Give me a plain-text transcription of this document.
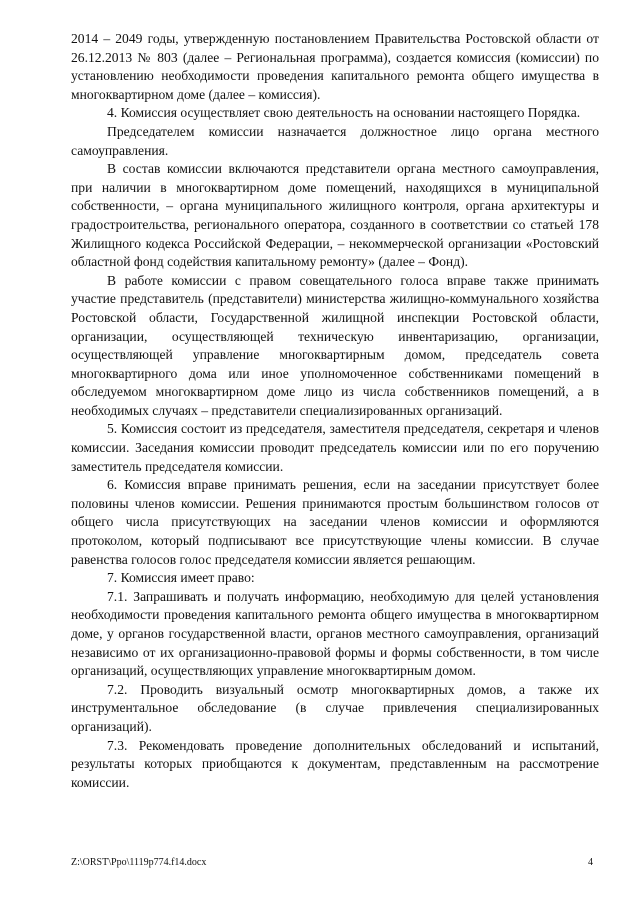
2014 – 2049 годы, утвержденную постановлением Правительства Ростовской области от 26.12.2013 № 803 (далее – Региональная программа), создается комиссия (комиссии) по установлению необходимости проведения капитального ремонта общего имущества в многоквартирном доме (далее – комиссия).

4. Комиссия осуществляет свою деятельность на основании настоящего Порядка.

Председателем комиссии назначается должностное лицо органа местного самоуправления.

В состав комиссии включаются представители органа местного самоуправления, при наличии в многоквартирном доме помещений, находящихся в муниципальной собственности, – органа муниципального жилищного контроля, органа архитектуры и градостроительства, регионального оператора, созданного в соответствии со статьей 178 Жилищного кодекса Российской Федерации, – некоммерческой организации «Ростовский областной фонд содействия капитальному ремонту» (далее – Фонд).

В работе комиссии с правом совещательного голоса вправе также принимать участие представитель (представители) министерства жилищно-коммунального хозяйства Ростовской области, Государственной жилищной инспекции Ростовской области, организации, осуществляющей техническую инвентаризацию, организации, осуществляющей управление многоквартирным домом, председатель совета многоквартирного дома или иное уполномоченное собственниками помещений в обследуемом многоквартирном доме лицо из числа собственников помещений, а в необходимых случаях – представители специализированных организаций.

5. Комиссия состоит из председателя, заместителя председателя, секретаря и членов комиссии. Заседания комиссии проводит председатель комиссии или по его поручению заместитель председателя комиссии.

6. Комиссия вправе принимать решения, если на заседании присутствует более половины членов комиссии. Решения принимаются простым большинством голосов от общего числа присутствующих на заседании членов комиссии и оформляются протоколом, который подписывают все присутствующие члены комиссии. В случае равенства голосов голос председателя комиссии является решающим.

7. Комиссия имеет право:

7.1. Запрашивать и получать информацию, необходимую для целей установления необходимости проведения капитального ремонта общего имущества в многоквартирном доме, у органов государственной власти, органов местного самоуправления, организаций независимо от их организационно-правовой формы и формы собственности, в том числе организаций, осуществляющих управление многоквартирным домом.

7.2. Проводить визуальный осмотр многоквартирных домов, а также их инструментальное обследование (в случае привлечения специализированных организаций).

7.3. Рекомендовать проведение дополнительных обследований и испытаний, результаты которых приобщаются к документам, представленным на рассмотрение комиссии.

Z:\ORST\Ppo\1119p774.f14.docx	4
